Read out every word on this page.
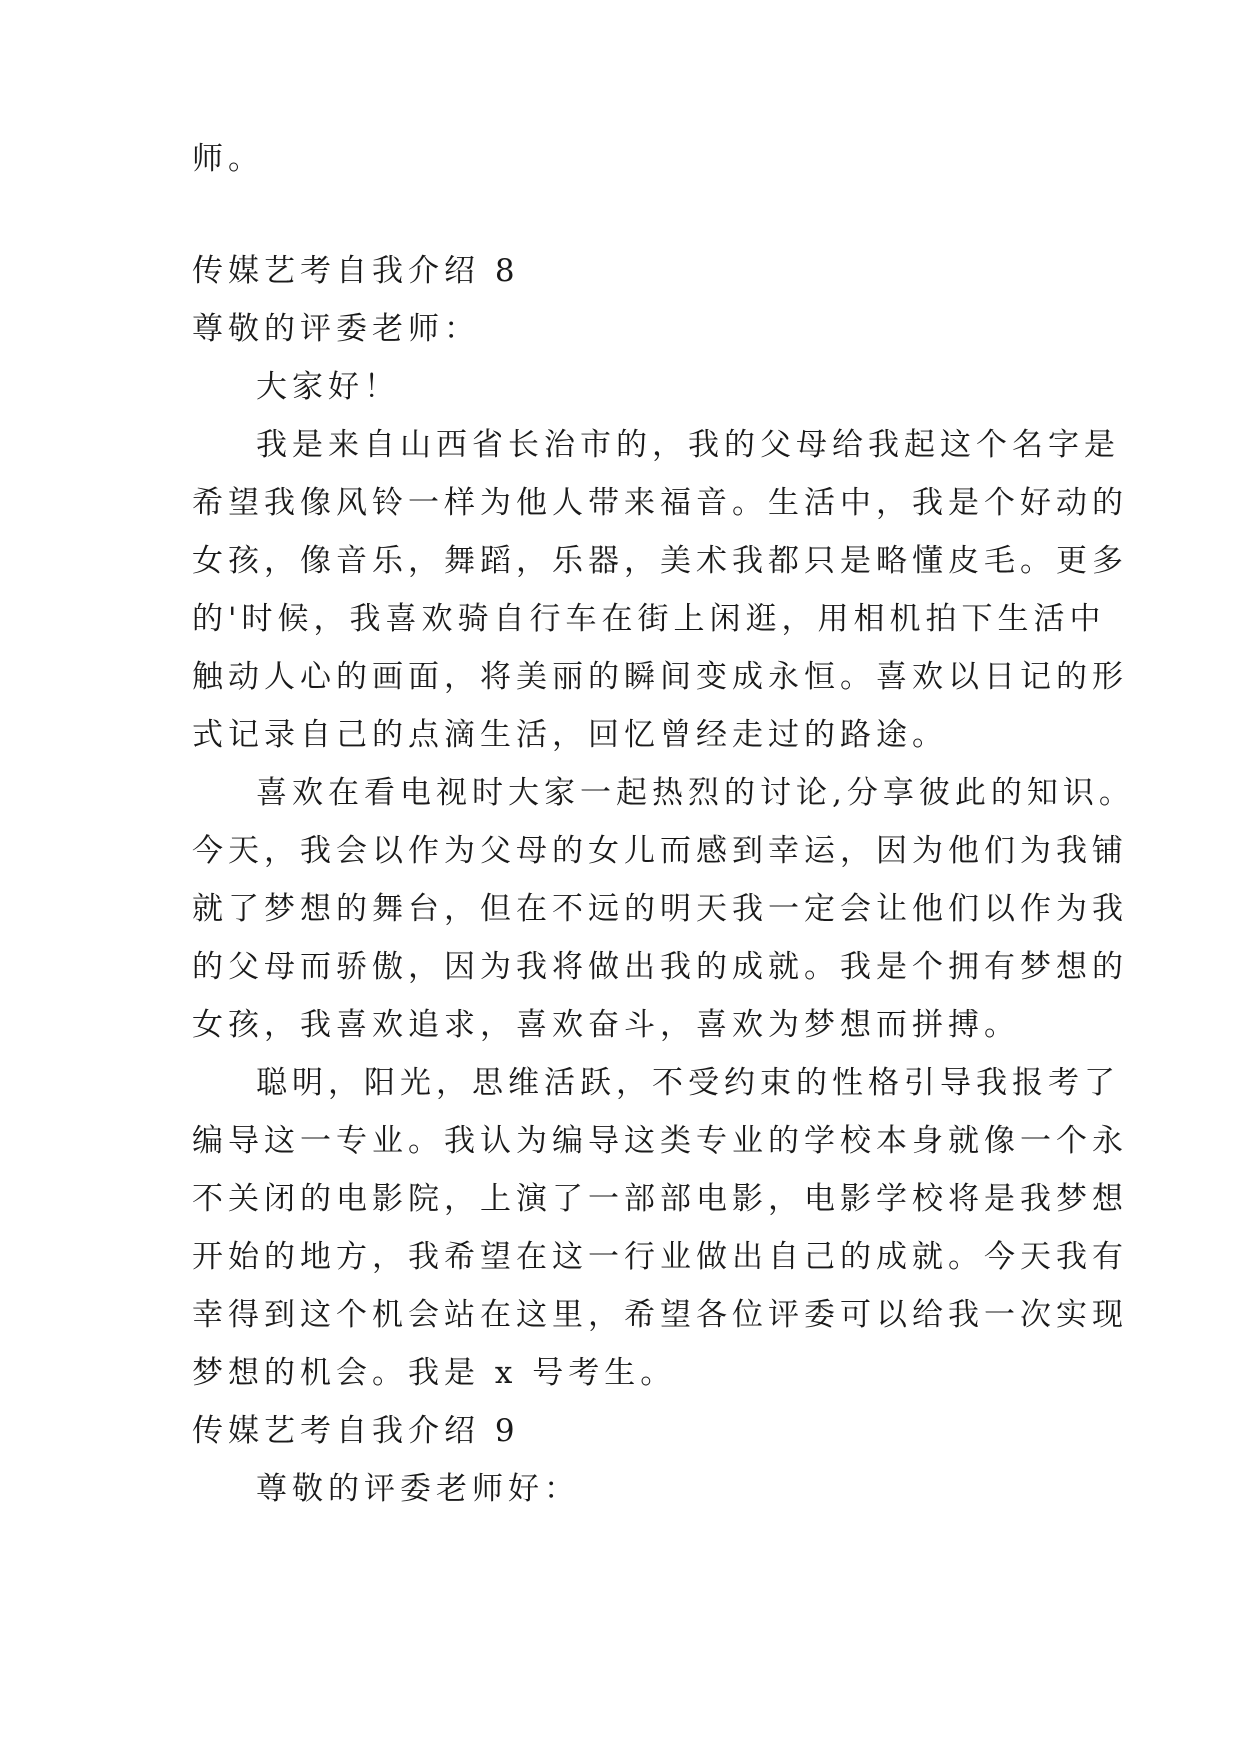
师。
传媒艺考自我介绍 8
尊敬的评委老师：
大家好！
我是来自山西省长治市的，我的父母给我起这个名字是
希望我像风铃一样为他人带来福音。生活中，我是个好动的
女孩，像音乐，舞蹈，乐器，美术我都只是略懂皮毛。更多
的'时候，我喜欢骑自行车在街上闲逛，用相机拍下生活中
触动人心的画面，将美丽的瞬间变成永恒。喜欢以日记的形
式记录自己的点滴生活，回忆曾经走过的路途。
喜欢在看电视时大家一起热烈的讨论,分享彼此的知识。
今天，我会以作为父母的女儿而感到幸运，因为他们为我铺
就了梦想的舞台，但在不远的明天我一定会让他们以作为我
的父母而骄傲，因为我将做出我的成就。我是个拥有梦想的
女孩，我喜欢追求，喜欢奋斗，喜欢为梦想而拼搏。
聪明，阳光，思维活跃，不受约束的性格引导我报考了
编导这一专业。我认为编导这类专业的学校本身就像一个永
不关闭的电影院，上演了一部部电影，电影学校将是我梦想
开始的地方，我希望在这一行业做出自己的成就。今天我有
幸得到这个机会站在这里，希望各位评委可以给我一次实现
梦想的机会。我是 x 号考生。
传媒艺考自我介绍 9
尊敬的评委老师好：
